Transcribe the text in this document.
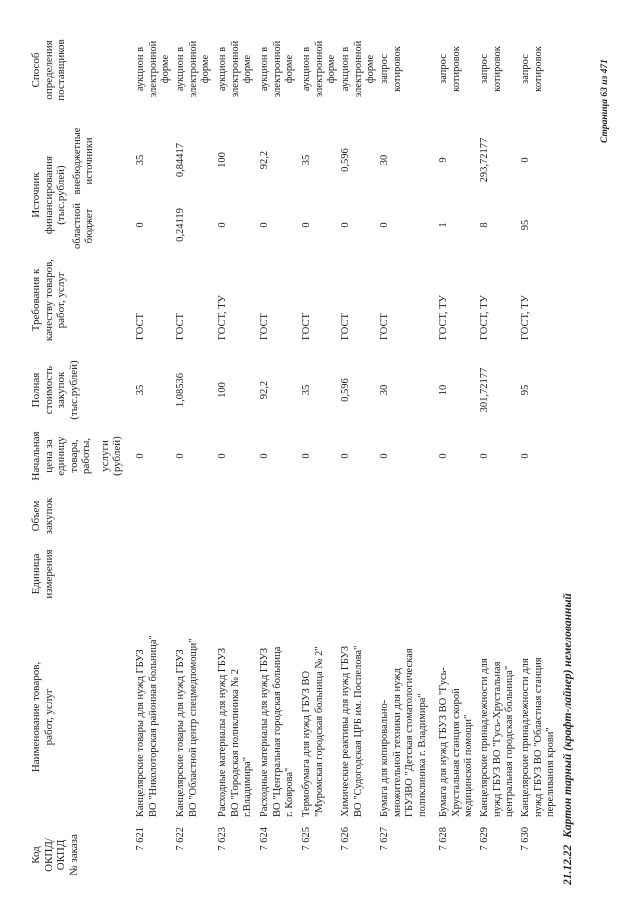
Код ОКПД/ ОКПД № заказа
Наименование товаров, работ, услуг
Единица измерения
Объем закупок
Начальная цена за единицу товара, работы, услуги (рублей)
Полная стоимость закупок (тыс.рублей)
Требования к качеству товаров, работ, услуг
Источник финансирования (тыс.рублей)
областной бюджет
внебюджетные источники
Способ определения поставщиков
7 621
Канцелярские товары для нужд ГБУЗ
ВО "Николоторская районная больница"
0
35
ГОСТ
0
35
аукцион в
электронной
форме
7 622
Канцелярские товары для нужд ГБУЗ
ВО "Областной центр спецмедпомощи"
0
1,08536
ГОСТ
0,24119
0,84417
аукцион в
электронной
форме
7 623
Расходные материалы для нужд ГБУЗ
ВО "Городская поликлиника № 2
г.Владимира"
0
100
ГОСТ, ТУ
0
100
аукцион в
электронной
форме
7 624
Расходные материалы для нужд ГБУЗ
ВО "Центральная городская больница
г. Коврова"
0
92,2
ГОСТ
0
92,2
аукцион в
электронной
форме
7 625
Термобумага для нужд ГБУЗ ВО
"Муромская городская больница № 2"
0
35
ГОСТ
0
35
аукцион в
электронной
форме
7 626
Химические реактивы для нужд ГБУЗ
ВО "Судогодская ЦРБ им. Поспелова"
0
0,596
ГОСТ
0
0,596
аукцион в
электронной
форме
7 627
Бумага для копировально-
множительной техники для нужд
ГБУЗВО "Детская стоматологическая
поликлиника г. Владимира"
0
30
ГОСТ
0
30
запрос
котировок
7 628
Бумага для нужд ГБУЗ ВО "Гусь-
Хрустальная станция скорой
медицинской помощи"
0
10
ГОСТ, ТУ
1
9
запрос
котировок
7 629
Канцелярские принадлежности для
нужд ГБУЗ ВО "Гусь-Хрустальная
центральная городская больница"
0
301,72177
ГОСТ, ТУ
8
293,72177
запрос
котировок
7 630
Канцелярские принадлежности для
нужд ГБУЗ ВО "Областная станция
переливания крови"
0
95
ГОСТ, ТУ
95
0
запрос
котировок
21.12.22 Картон тарный (крафт-лайнер) немелованный
Страница 63 из 471
